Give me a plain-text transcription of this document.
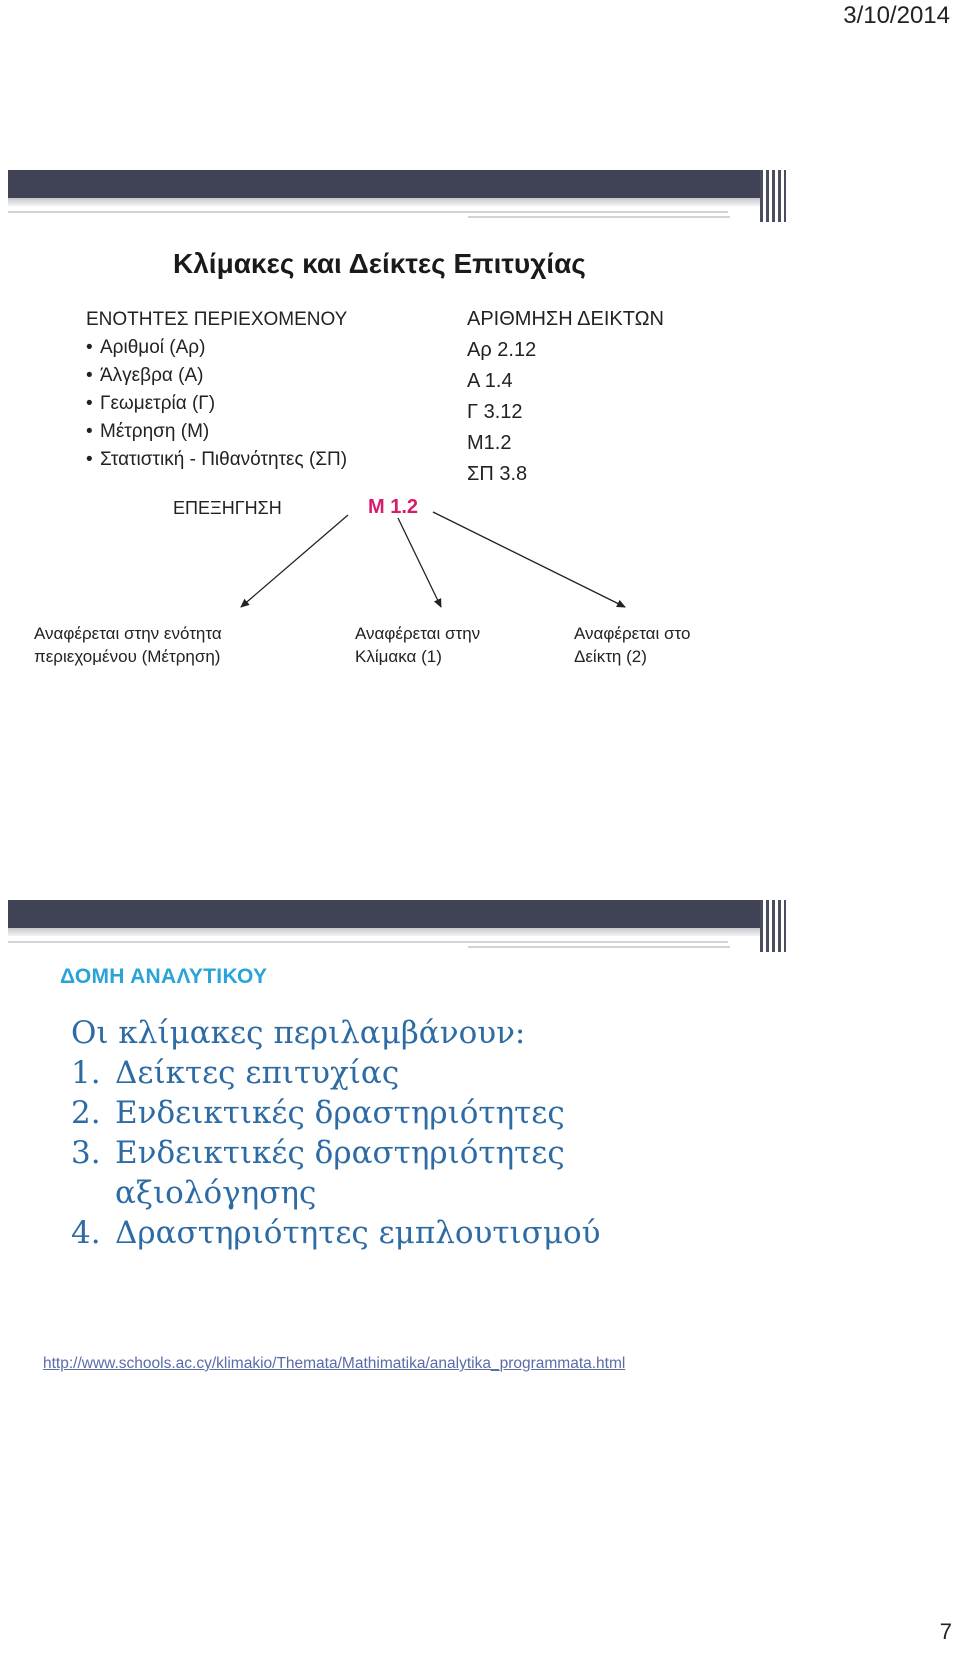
3/10/2014
Κλίμακες και Δείκτες Επιτυχίας
ΕΝΟΤΗΤΕΣ ΠΕΡΙΕΧΟΜΕΝΟΥ
• Αριθμοί (Αρ)
• Άλγεβρα (Α)
• Γεωμετρία (Γ)
• Μέτρηση (Μ)
• Στατιστική - Πιθανότητες (ΣΠ)
ΑΡΙΘΜΗΣΗ ΔΕΙΚΤΩΝ
Αρ 2.12
Α 1.4
Γ 3.12
Μ1.2
ΣΠ 3.8
ΕΠΕΞΗΓΗΣΗ	Μ 1.2
Αναφέρεται στην ενότητα
περιεχομένου (Μέτρηση)
Αναφέρεται στην
Κλίμακα (1)
Αναφέρεται στο
Δείκτη (2)
ΔΟΜΗ ΑΝΑΛΥΤΙΚΟΥ
Οι κλίμακες περιλαμβάνουν:
1. Δείκτες επιτυχίας
2. Ενδεικτικές δραστηριότητες
3. Ενδεικτικές δραστηριότητες
αξιολόγησης
4. Δραστηριότητες εμπλουτισμού
http://www.schools.ac.cy/klimakio/Themata/Mathimatika/analytika_programmata.html
7
